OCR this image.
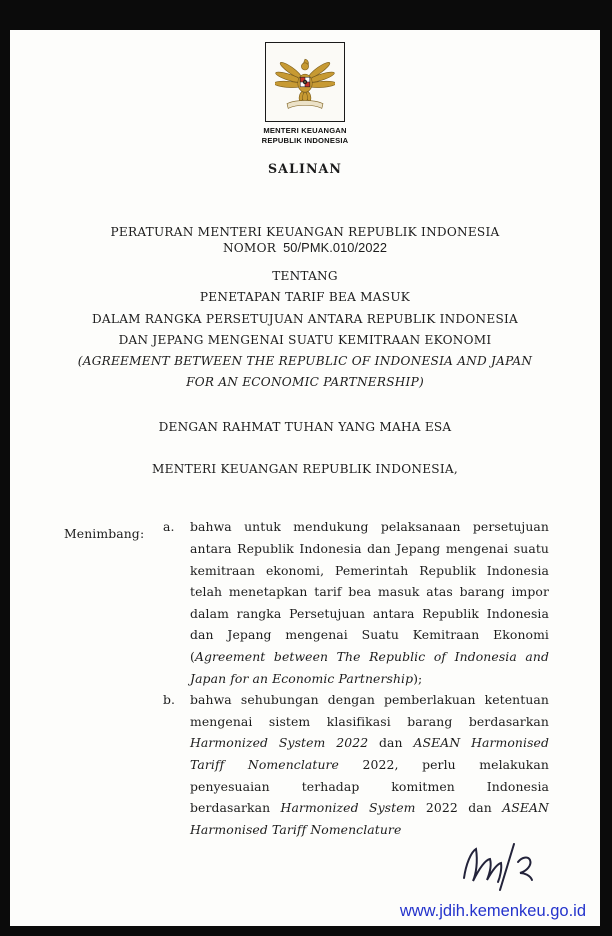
MENTERI KEUANGAN
REPUBLIK INDONESIA
SALINAN
PERATURAN MENTERI KEUANGAN REPUBLIK INDONESIA
NOMOR 50/PMK.010/2022
TENTANG
PENETAPAN TARIF BEA MASUK
DALAM RANGKA PERSETUJUAN ANTARA REPUBLIK INDONESIA
DAN JEPANG MENGENAI SUATU KEMITRAAN EKONOMI
(AGREEMENT BETWEEN THE REPUBLIC OF INDONESIA AND JAPAN
FOR AN ECONOMIC PARTNERSHIP)
DENGAN RAHMAT TUHAN YANG MAHA ESA
MENTERI KEUANGAN REPUBLIK INDONESIA,
Menimbang :	a.	bahwa untuk mendukung pelaksanaan persetujuan antara Republik Indonesia dan Jepang mengenai suatu kemitraan ekonomi, Pemerintah Republik Indonesia telah menetapkan tarif bea masuk atas barang impor dalam rangka Persetujuan antara Republik Indonesia dan Jepang mengenai Suatu Kemitraan Ekonomi (Agreement between The Republic of Indonesia and Japan for an Economic Partnership);
b.	bahwa sehubungan dengan pemberlakuan ketentuan mengenai sistem klasifikasi barang berdasarkan Harmonized System 2022 dan ASEAN Harmonised Tariff Nomenclature 2022, perlu melakukan penyesuaian terhadap komitmen Indonesia berdasarkan Harmonized System 2022 dan ASEAN Harmonised Tariff Nomenclature
www.jdih.kemenkeu.go.id
